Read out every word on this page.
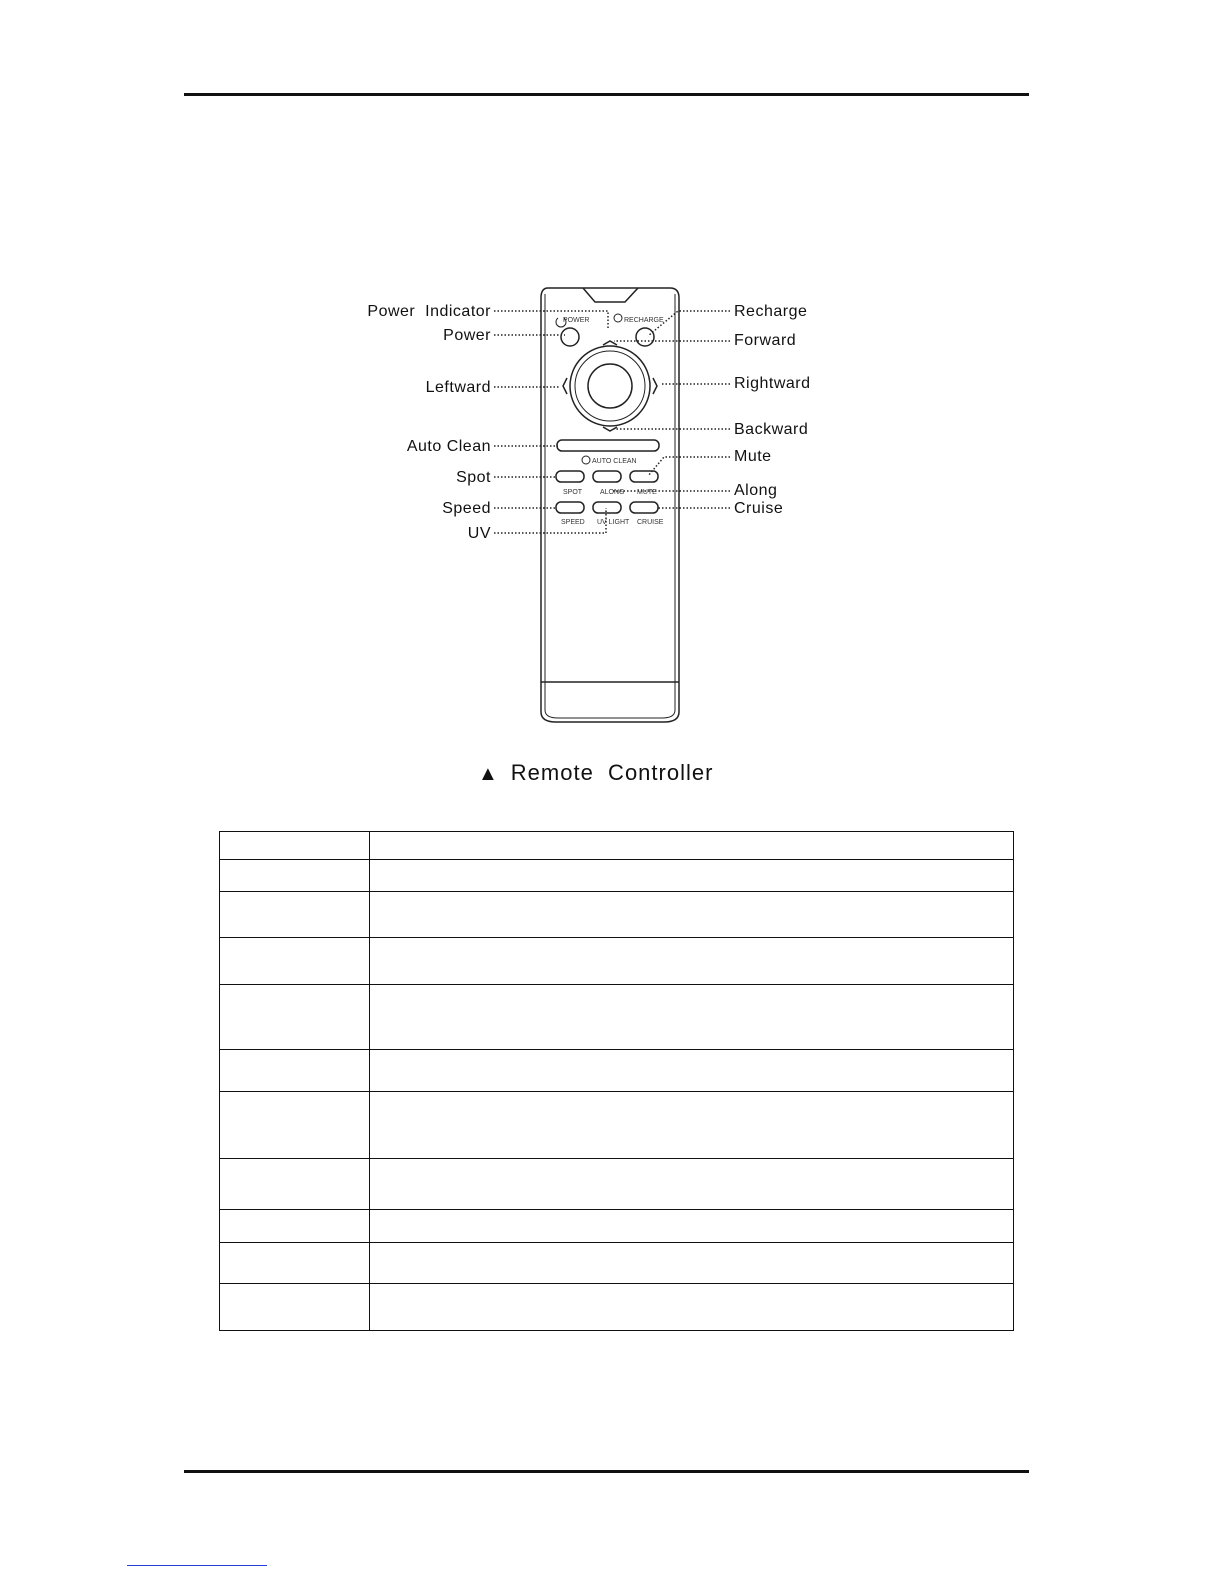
POWER	RECHARGE
AUTO CLEAN
SPOT	ALONG MUTE
SPEED UV LIGHT CRUISE
Power  Indicator
Power
Leftward
Auto Clean
Spot
Speed
UV
Recharge
Forward
Rightward
Backward
Mute
Along
Cruise
▲ Remote  Controller
